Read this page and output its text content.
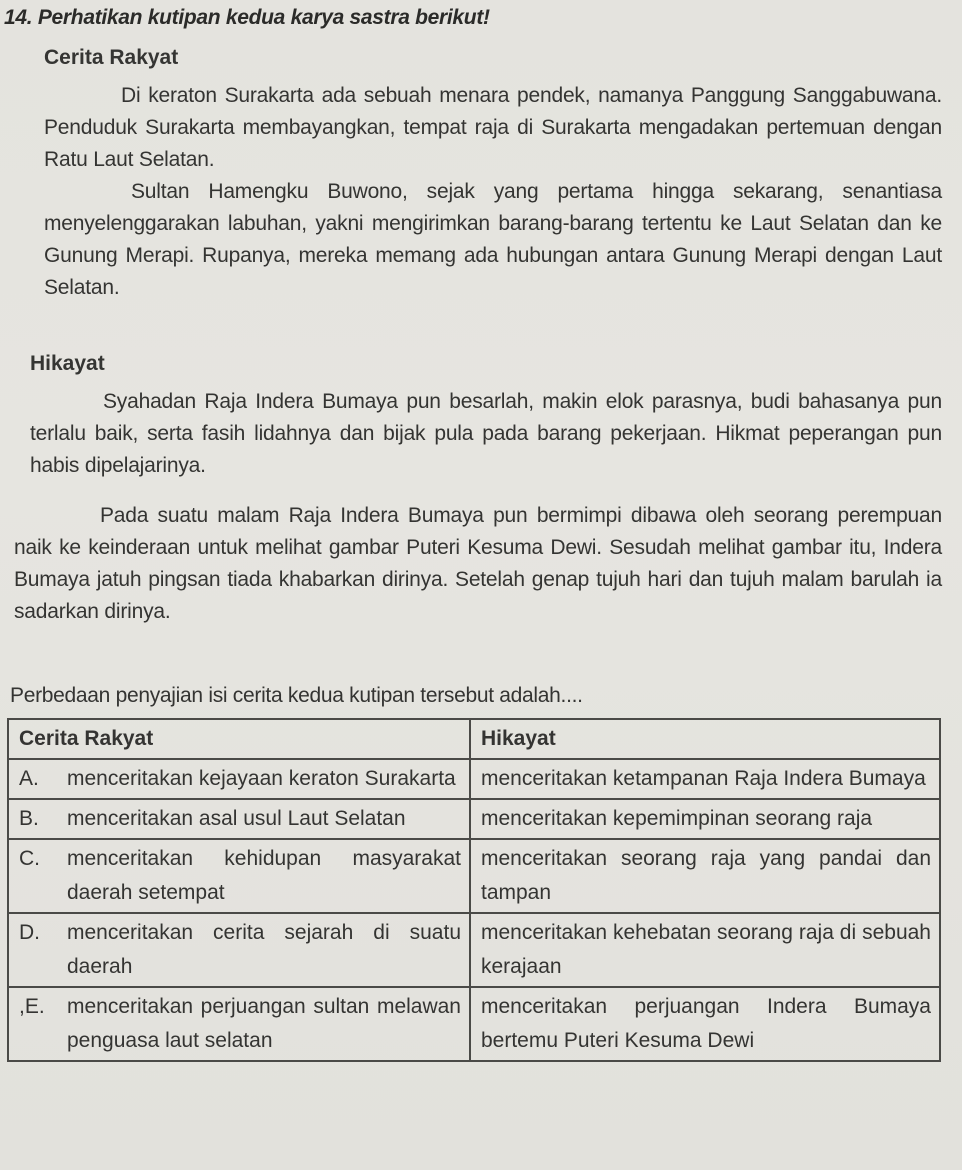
14. Perhatikan kutipan kedua karya sastra berikut!
Cerita Rakyat
Di keraton Surakarta ada sebuah menara pendek, namanya Panggung Sanggabuwana. Penduduk Surakarta membayangkan, tempat raja di Surakarta mengadakan pertemuan dengan Ratu Laut Selatan.
Sultan Hamengku Buwono, sejak yang pertama hingga sekarang, senantiasa menyelenggarakan labuhan, yakni mengirimkan barang-barang tertentu ke Laut Selatan dan ke Gunung Merapi. Rupanya, mereka memang ada hubungan antara Gunung Merapi dengan Laut Selatan.
Hikayat
Syahadan Raja Indera Bumaya pun besarlah, makin elok parasnya, budi bahasanya pun terlalu baik, serta fasih lidahnya dan bijak pula pada barang pekerjaan. Hikmat peperangan pun habis dipelajarinya.
Pada suatu malam Raja Indera Bumaya pun bermimpi dibawa oleh seorang perempuan naik ke keinderaan untuk melihat gambar Puteri Kesuma Dewi. Sesudah melihat gambar itu, Indera Bumaya jatuh pingsan tiada khabarkan dirinya. Setelah genap tujuh hari dan tujuh malam barulah ia sadarkan dirinya.
Perbedaan penyajian isi cerita kedua kutipan tersebut adalah....
Cerita Rakyat	Hikayat

A. menceritakan kejayaan keraton Surakarta	menceritakan ketampanan Raja Indera Bumaya

B. menceritakan asal usul Laut Selatan	menceritakan kepemimpinan seorang raja

C. menceritakan kehidupan masyarakat daerah setempat	menceritakan seorang raja yang pandai dan tampan

D. menceritakan cerita sejarah di suatu daerah	menceritakan kehebatan seorang raja di sebuah kerajaan

,E. menceritakan perjuangan sultan melawan penguasa laut selatan	menceritakan perjuangan Indera Bumaya bertemu Puteri Kesuma Dewi
